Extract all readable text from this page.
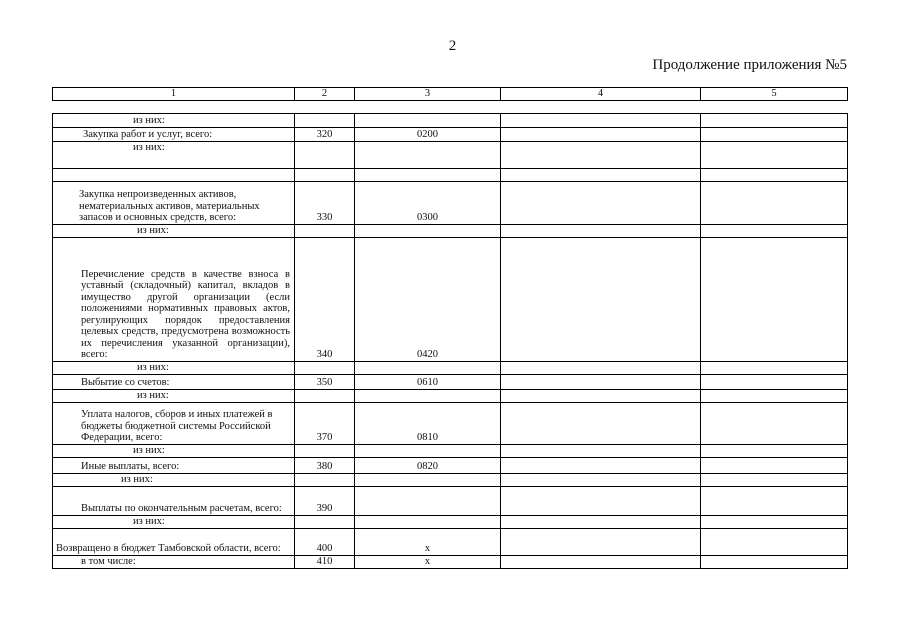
2
Продолжение приложения №5
1	2	3	4	5

из них:				
Закупка работ и услуг, всего:	320	0200		
из них:				

Закупка непроизведенных активов, нематериальных активов, материальных запасов и основных средств, всего:	330	0300		
из них:				
Перечисление средств в качестве взноса в уставный (складочный) капитал, вкладов в имущество другой организации (если положениями нормативных правовых актов, регулирующих порядок предоставления целевых средств, предусмотрена возможность их перечисления указанной организации), всего:	340	0420		
из них:				
Выбытие со счетов:	350	0610		
из них:				
Уплата налогов, сборов и иных платежей в бюджеты бюджетной системы Российской Федерации, всего:	370	0810		
из них:				
Иные выплаты, всего:	380	0820		
из них:				
Выплаты по окончательным расчетам, всего:	390			
из них:				
Возвращено в бюджет Тамбовской области, всего:	400	x		
в том числе:	410	x		
